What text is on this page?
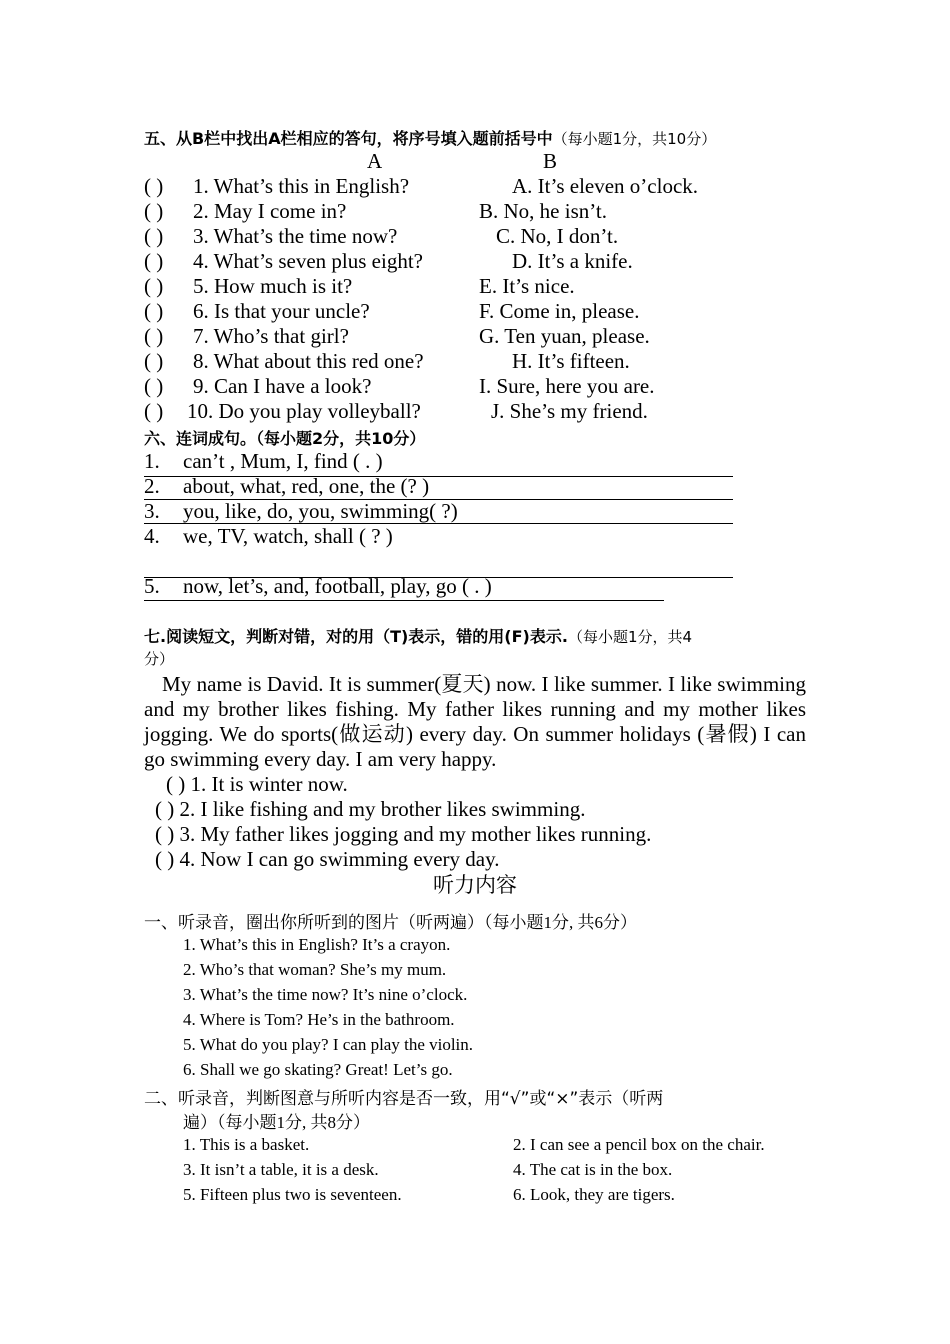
五、从B栏中找出A栏相应的答句，将序号填入题前括号中（每小题1分，共10分）
A	B
( ) 1. What’s this in English?	A. It’s eleven o’clock.
( ) 2. May I come in?	B. No, he isn’t.
( ) 3. What’s the time now?	C. No, I don’t.
( ) 4. What’s seven plus eight?	D. It’s a knife.
( ) 5. How much is it?	E. It’s nice.
( ) 6. Is that your uncle?	F. Come in, please.
( ) 7. Who’s that girl?	G. Ten yuan, please.
( ) 8. What about this red one?	H. It’s fifteen.
( ) 9. Can I have a look?	I. Sure, here you are.
( ) 10. Do you play volleyball?	J. She’s my friend.
六、连词成句。（每小题2分，共10分）
1. can’t , Mum, I, find ( . )
2. about, what, red, one, the (? )
3. you, like, do, you, swimming( ?)
4. we, TV, watch, shall ( ? )
5. now, let’s, and, football, play, go ( . )
七.阅读短文，判断对错，对的用（T)表示，错的用(F)表示.（每小题1分，共4
分）
My name is David. It is summer(夏天) now. I like summer. I like swimming and my brother likes fishing. My father likes running and my mother likes jogging. We do sports(做运动) every day. On summer holidays (暑假) I can go swimming every day. I am very happy.
( ) 1. It is winter now.
( ) 2. I like fishing and my brother likes swimming.
( ) 3. My father likes jogging and my mother likes running.
( ) 4. Now I can go swimming every day.
听力内容
一、听录音，圈出你所听到的图片（听两遍）（每小题1分, 共6分）
1. What’s this in English? It’s a crayon.
2. Who’s that woman? She’s my mum.
3. What’s the time now? It’s nine o’clock.
4. Where is Tom? He’s in the bathroom.
5. What do you play? I can play the violin.
6. Shall we go skating? Great! Let’s go.
二、听录音，判断图意与所听内容是否一致，用“√”或“×”表示（听两
遍）（每小题1分, 共8分）
1. This is a basket.	2. I can see a pencil box on the chair.
3. It isn’t a table, it is a desk.	4. The cat is in the box.
5. Fifteen plus two is seventeen.	6. Look, they are tigers.
